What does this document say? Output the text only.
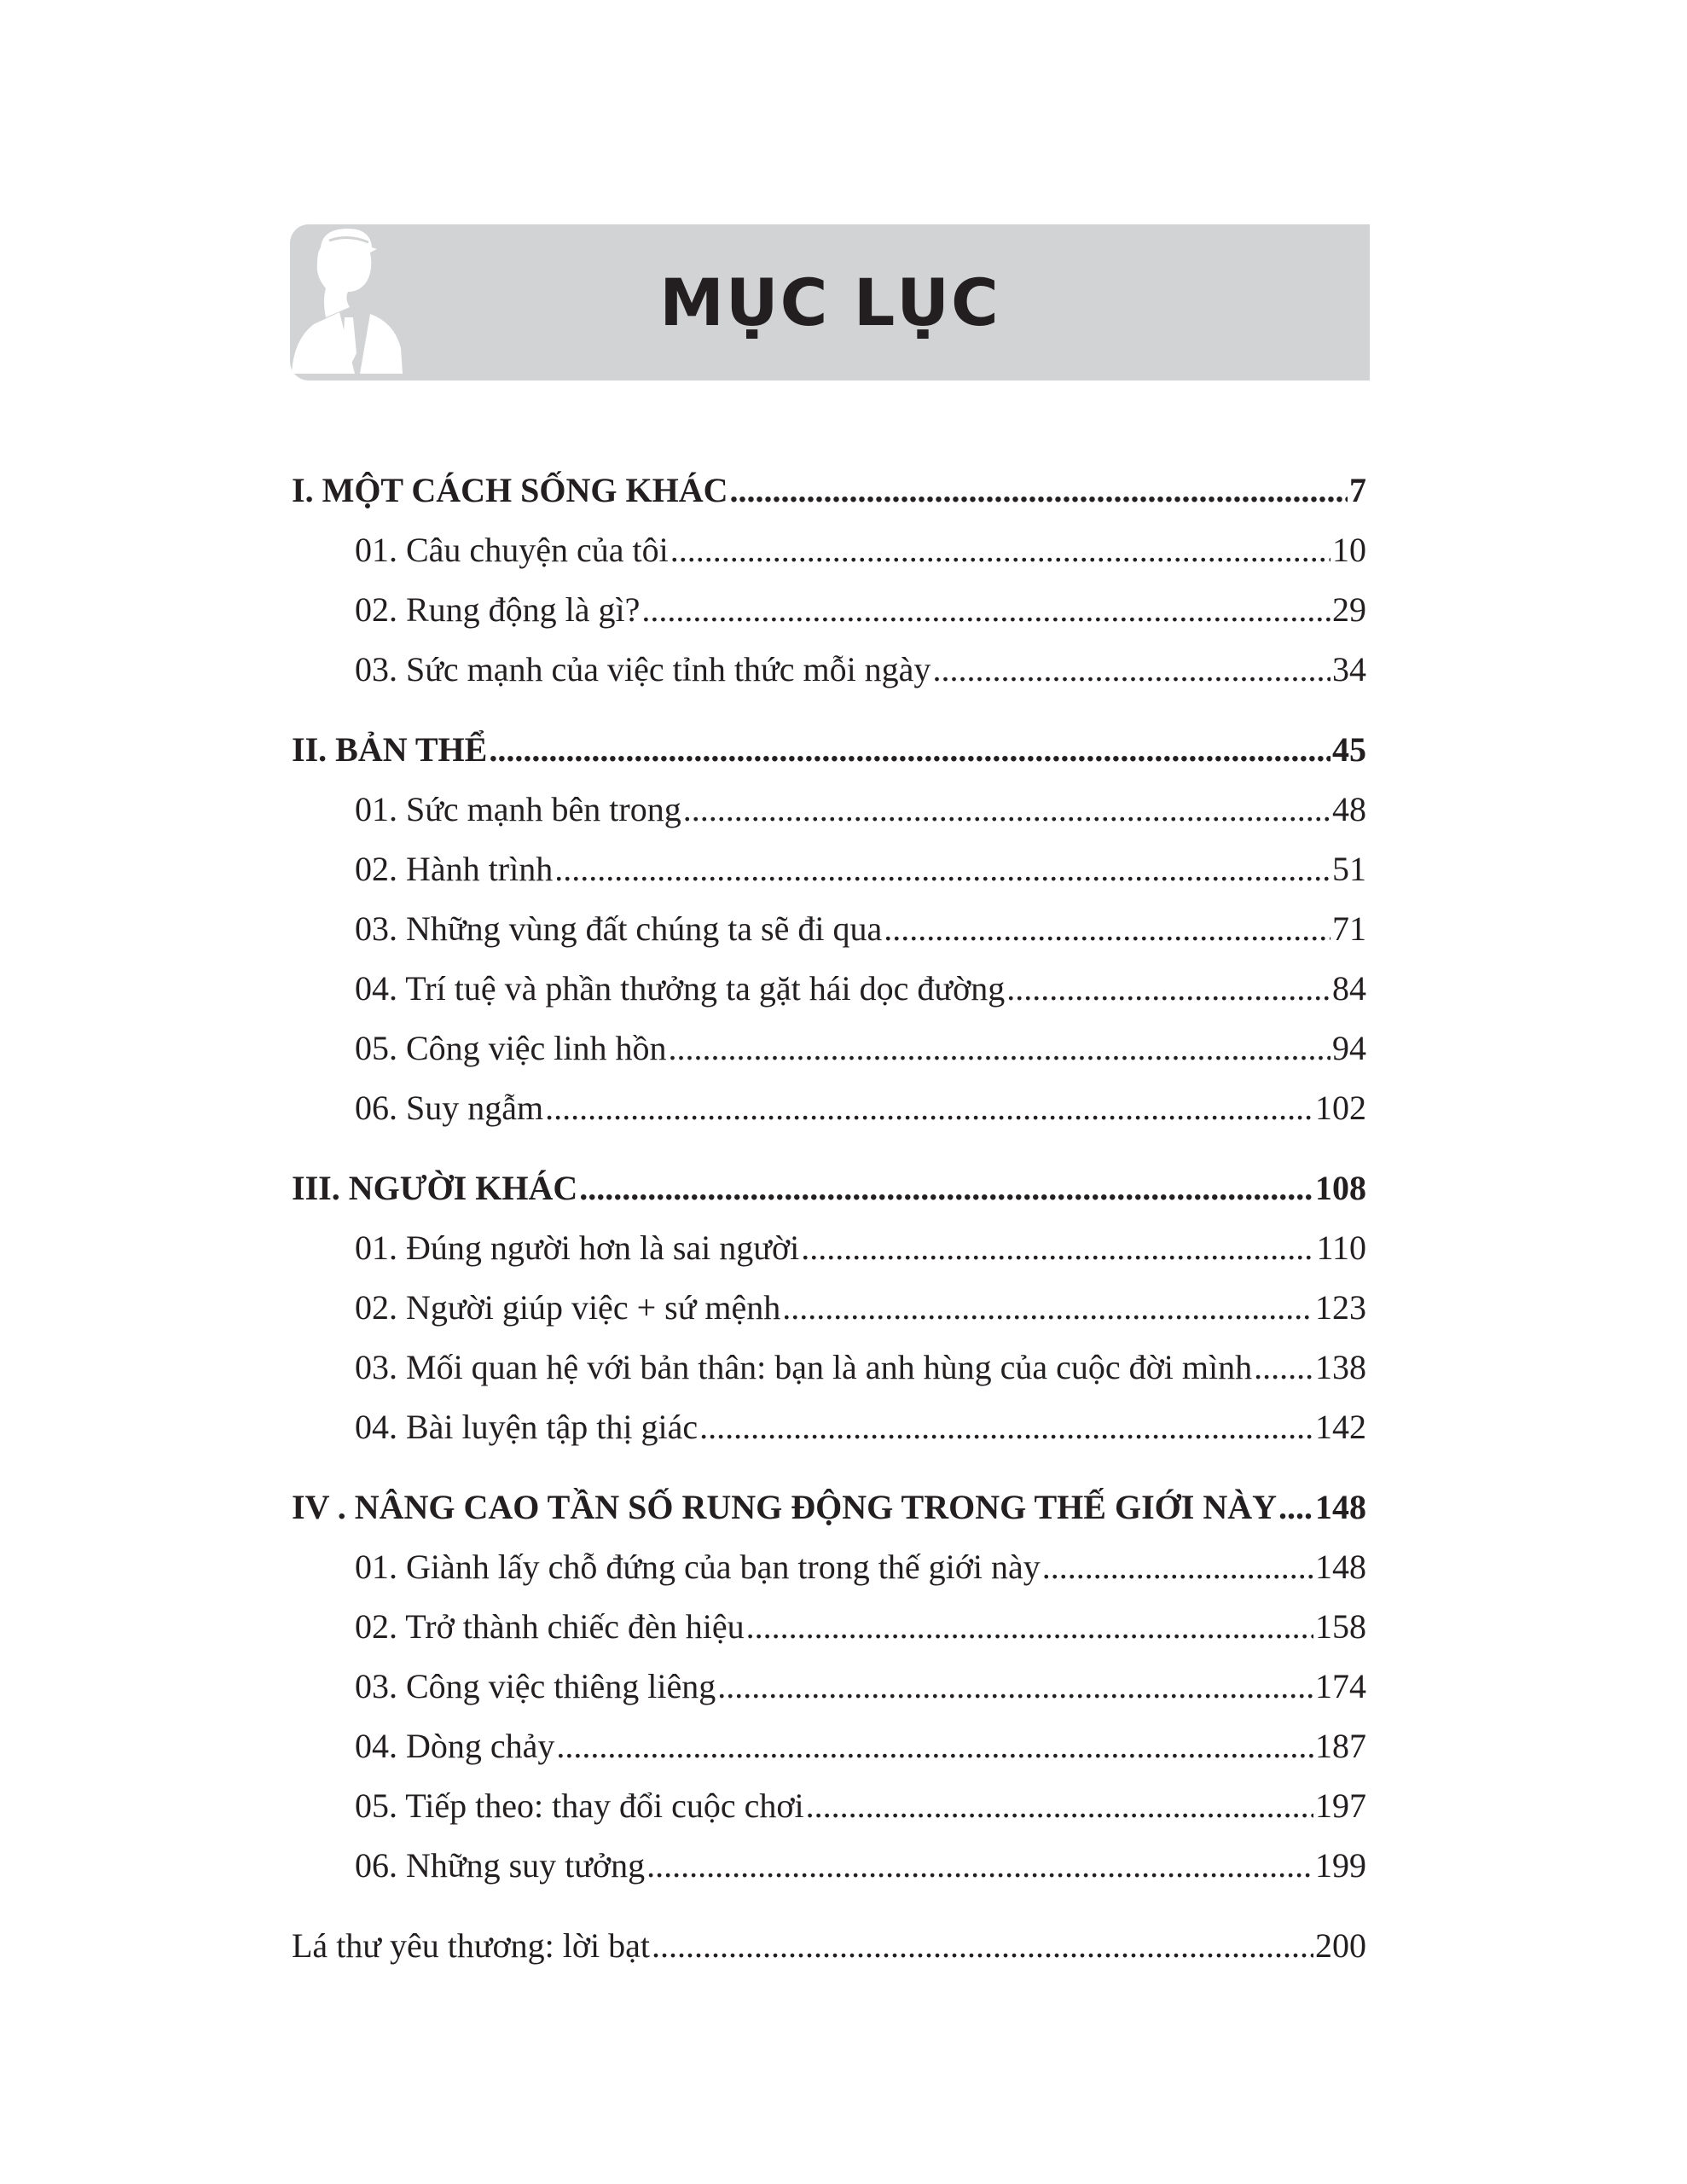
MỤC LỤC
I. MỘT CÁCH SỐNG KHÁC .....	7
01. Câu chuyện của tôi .....	10
02. Rung động là gì? .....	29
03. Sức mạnh của việc tỉnh thức mỗi ngày .....	34
II. BẢN THỂ .....	45
01. Sức mạnh bên trong .....	48
02. Hành trình .....	51
03. Những vùng đất chúng ta sẽ đi qua .....	71
04. Trí tuệ và phần thưởng ta gặt hái dọc đường .....	84
05. Công việc linh hồn .....	94
06. Suy ngẫm .....	102
III. NGƯỜI KHÁC .....	108
01. Đúng người hơn là sai người .....	110
02. Người giúp việc + sứ mệnh .....	123
03. Mối quan hệ với bản thân: bạn là anh hùng của cuộc đời mình ..... 138
04. Bài luyện tập thị giác .....	142
IV . NÂNG CAO TẦN SỐ RUNG ĐỘNG TRONG THẾ GIỚI NÀY ..... 148
01. Giành lấy chỗ đứng của bạn trong thế giới này .....	148
02. Trở thành chiếc đèn hiệu .....	158
03. Công việc thiêng liêng .....	174
04. Dòng chảy .....	187
05. Tiếp theo: thay đổi cuộc chơi .....	197
06. Những suy tưởng .....	199
Lá thư yêu thương: lời bạt .....	200
